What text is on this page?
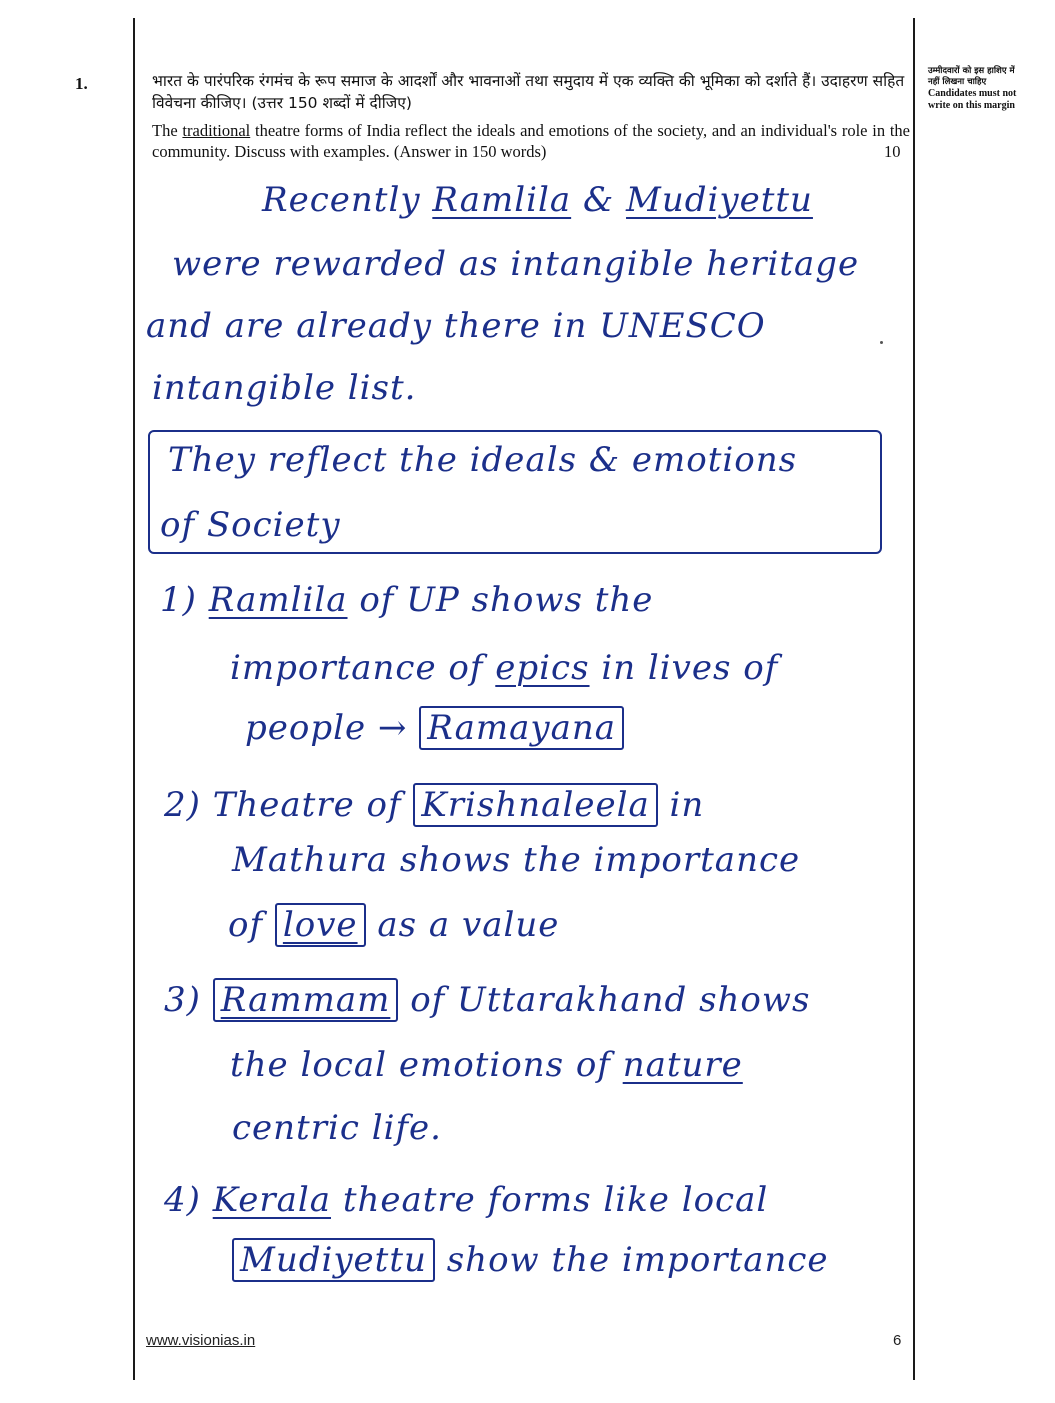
1.	भारत के पारंपरिक रंगमंच के रूप समाज के आदर्शों और भावनाओं तथा समुदाय में एक व्यक्ति की भूमिका को दर्शाते हैं। उदाहरण सहित विवेचना कीजिए। (उत्तर 150 शब्दों में दीजिए)
The traditional theatre forms of India reflect the ideals and emotions of the society, and an individual's role in the community. Discuss with examples. (Answer in 150 words)	10
उम्मीदवारों को इस हाशिए में नहीं लिखना चाहिए
Candidates must not write on this margin
Recently Ramlila & Mudiyettu
were rewarded as intangible heritage
and are already there in UNESCO
intangible list.
They reflect the ideals & emotions
of Society
1) Ramlila of UP shows the
importance of epics in lives of
people → Ramayana
2) Theatre of Krishnaleela in
Mathura shows the importance
of love as a value
3) Rammam of Uttarakhand shows
the local emotions of nature
centric life.
4) Kerala theatre forms like local
Mudiyettu show the importance
www.visionias.in	6
